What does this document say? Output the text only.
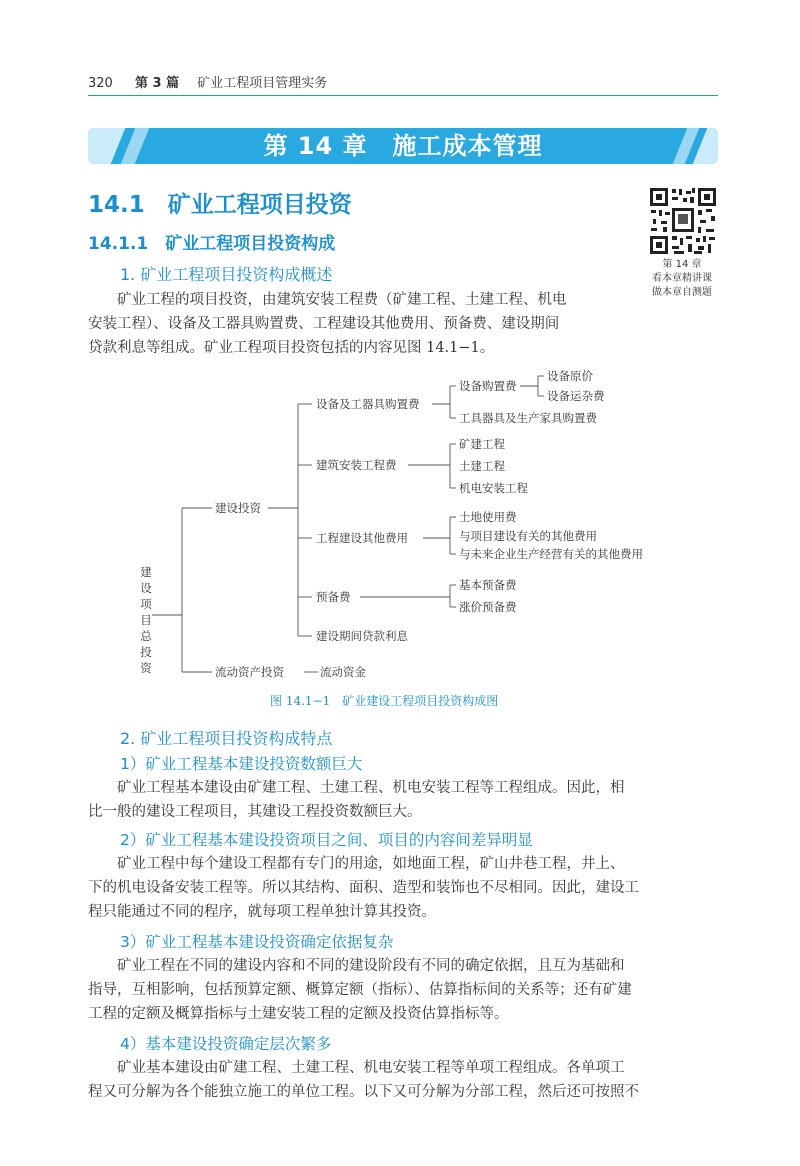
320 第 3 篇 矿业工程项目管理实务
第 14 章　施工成本管理
14.1　矿业工程项目投资
14.1.1　矿业工程项目投资构成
第 14 章
看本章精讲课
做本章自测题
1. 矿业工程项目投资构成概述
　　矿业工程的项目投资，由建筑安装工程费（矿建工程、土建工程、机电
安装工程）、设备及工器具购置费、工程建设其他费用、预备费、建设期间
贷款利息等组成。矿业工程项目投资包括的内容见图 14.1−1。
建
设
项
目
总
投
资
建设投资
流动资产投资	流动资金
设备及工器具购置费
建筑安装工程费
工程建设其他费用
预备费
建设期间贷款利息
设备购置费
工具器具及生产家具购置费
设备原价
设备运杂费
矿建工程
土建工程
机电安装工程
土地使用费
与项目建设有关的其他费用
与未来企业生产经营有关的其他费用
基本预备费
涨价预备费
图 14.1−1　矿业建设工程项目投资构成图
2. 矿业工程项目投资构成特点
1）矿业工程基本建设投资数额巨大
　　矿业工程基本建设由矿建工程、土建工程、机电安装工程等工程组成。因此，相
比一般的建设工程项目，其建设工程投资数额巨大。
2）矿业工程基本建设投资项目之间、项目的内容间差异明显
　　矿业工程中每个建设工程都有专门的用途，如地面工程，矿山井巷工程，井上、
下的机电设备安装工程等。所以其结构、面积、造型和装饰也不尽相同。因此，建设工
程只能通过不同的程序，就每项工程单独计算其投资。
3）矿业工程基本建设投资确定依据复杂
　　矿业工程在不同的建设内容和不同的建设阶段有不同的确定依据，且互为基础和
指导，互相影响，包括预算定额、概算定额（指标）、估算指标间的关系等；还有矿建
工程的定额及概算指标与土建安装工程的定额及投资估算指标等。
4）基本建设投资确定层次繁多
　　矿业基本建设由矿建工程、土建工程、机电安装工程等单项工程组成。各单项工
程又可分解为各个能独立施工的单位工程。以下又可分解为分部工程，然后还可按照不
